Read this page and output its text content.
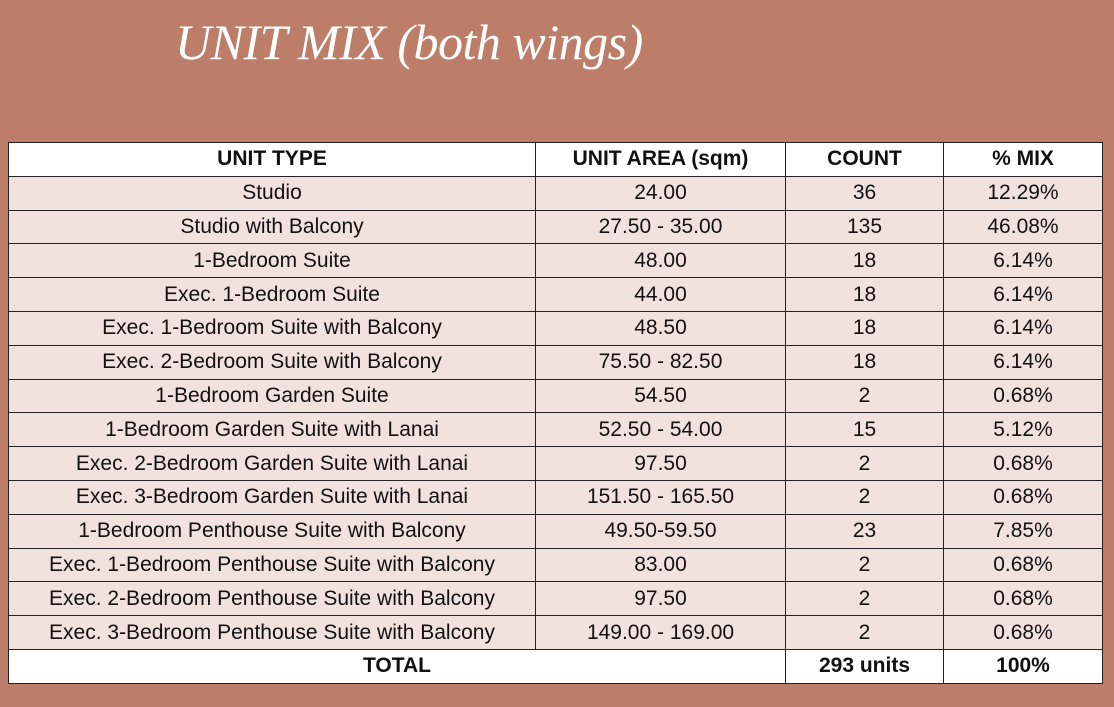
UNIT MIX (both wings)
UNIT TYPE	UNIT AREA (sqm)	COUNT	% MIX
Studio	24.00	36	12.29%
Studio with Balcony	27.50 - 35.00	135	46.08%
1-Bedroom Suite	48.00	18	6.14%
Exec. 1-Bedroom Suite	44.00	18	6.14%
Exec. 1-Bedroom Suite with Balcony	48.50	18	6.14%
Exec. 2-Bedroom Suite with Balcony	75.50 - 82.50	18	6.14%
1-Bedroom Garden Suite	54.50	2	0.68%
1-Bedroom Garden Suite with Lanai	52.50 - 54.00	15	5.12%
Exec. 2-Bedroom Garden Suite with Lanai	97.50	2	0.68%
Exec. 3-Bedroom Garden Suite with Lanai	151.50 - 165.50	2	0.68%
1-Bedroom Penthouse Suite with Balcony	49.50-59.50	23	7.85%
Exec. 1-Bedroom Penthouse Suite with Balcony	83.00	2	0.68%
Exec. 2-Bedroom Penthouse Suite with Balcony	97.50	2	0.68%
Exec. 3-Bedroom Penthouse Suite with Balcony	149.00 - 169.00	2	0.68%
TOTAL		293 units	100%
